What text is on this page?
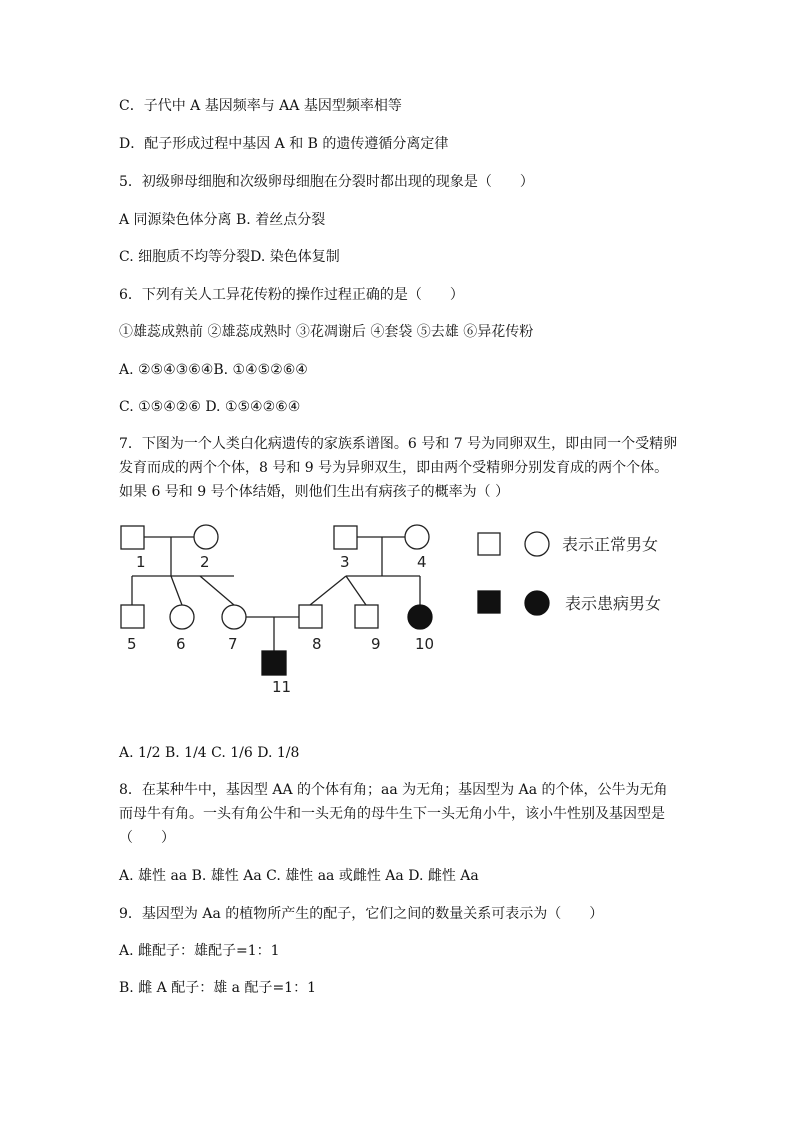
C．子代中 A 基因频率与 AA 基因型频率相等
D．配子形成过程中基因 A 和 B 的遗传遵循分离定律
5．初级卵母细胞和次级卵母细胞在分裂时都出现的现象是（　　）
A 同源染色体分离 B. 着丝点分裂
C. 细胞质不均等分裂D. 染色体复制
6．下列有关人工异花传粉的操作过程正确的是（　　）
①雄蕊成熟前 ②雄蕊成熟时 ③花凋谢后 ④套袋 ⑤去雄 ⑥异花传粉
A. ②⑤④③⑥④B. ①④⑤②⑥④
C. ①⑤④②⑥ D. ①⑤④②⑥④
7．下图为一个人类白化病遗传的家族系谱图。6 号和 7 号为同卵双生，即由同一个受精卵发育而成的两个个体，8 号和 9 号为异卵双生，即由两个受精卵分别发育成的两个个体。如果 6 号和 9 号个体结婚，则他们生出有病孩子的概率为（ ）
1	2	3	4
5	6	7	8	9 10
11
表示正常男女
表示患病男女
A. 1/2 B. 1/4 C. 1/6 D. 1/8
8．在某种牛中，基因型 AA 的个体有角；aa 为无角；基因型为 Aa 的个体，公牛为无角而母牛有角。一头有角公牛和一头无角的母牛生下一头无角小牛，该小牛性别及基因型是（　　）
A. 雄性 aa B. 雄性 Aa C. 雄性 aa 或雌性 Aa D. 雌性 Aa
9．基因型为 Aa 的植物所产生的配子，它们之间的数量关系可表示为（　　）
A. 雌配子：雄配子=1：1
B. 雌 A 配子：雄 a 配子=1：1
